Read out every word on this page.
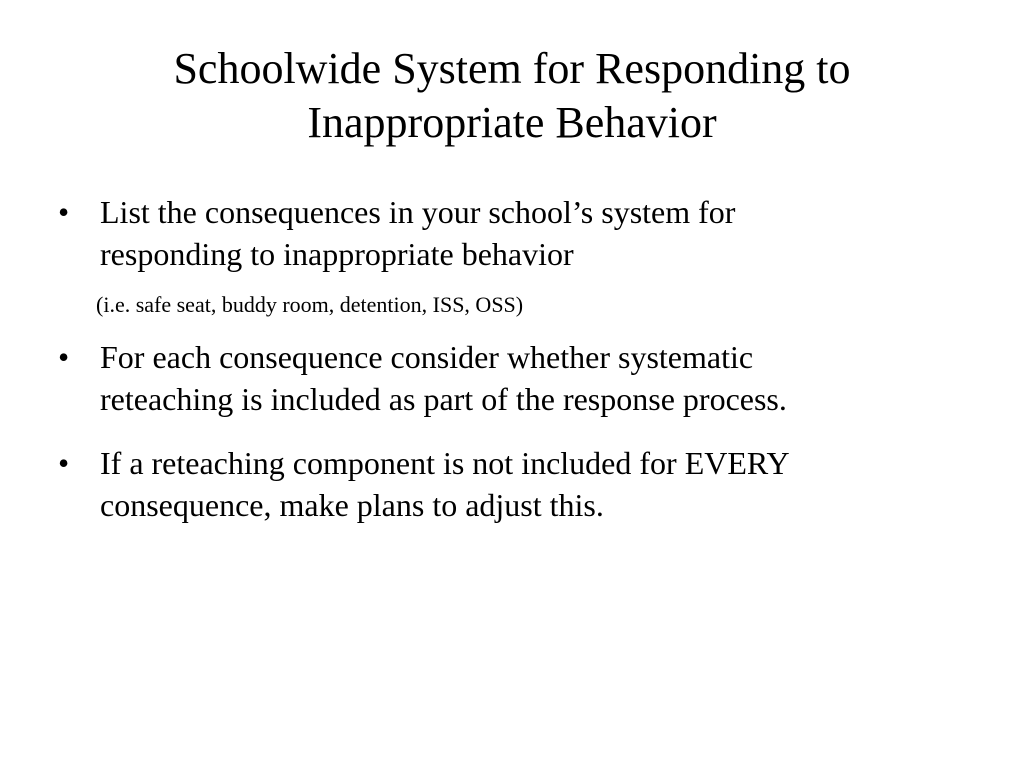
Schoolwide System for Responding to
Inappropriate Behavior
• List the consequences in your school’s system for
responding to inappropriate behavior
(i.e. safe seat, buddy room, detention, ISS, OSS)
• For each consequence consider whether systematic
reteaching is included as part of the response process.
• If a reteaching component is not included for EVERY
consequence, make plans to adjust this.
